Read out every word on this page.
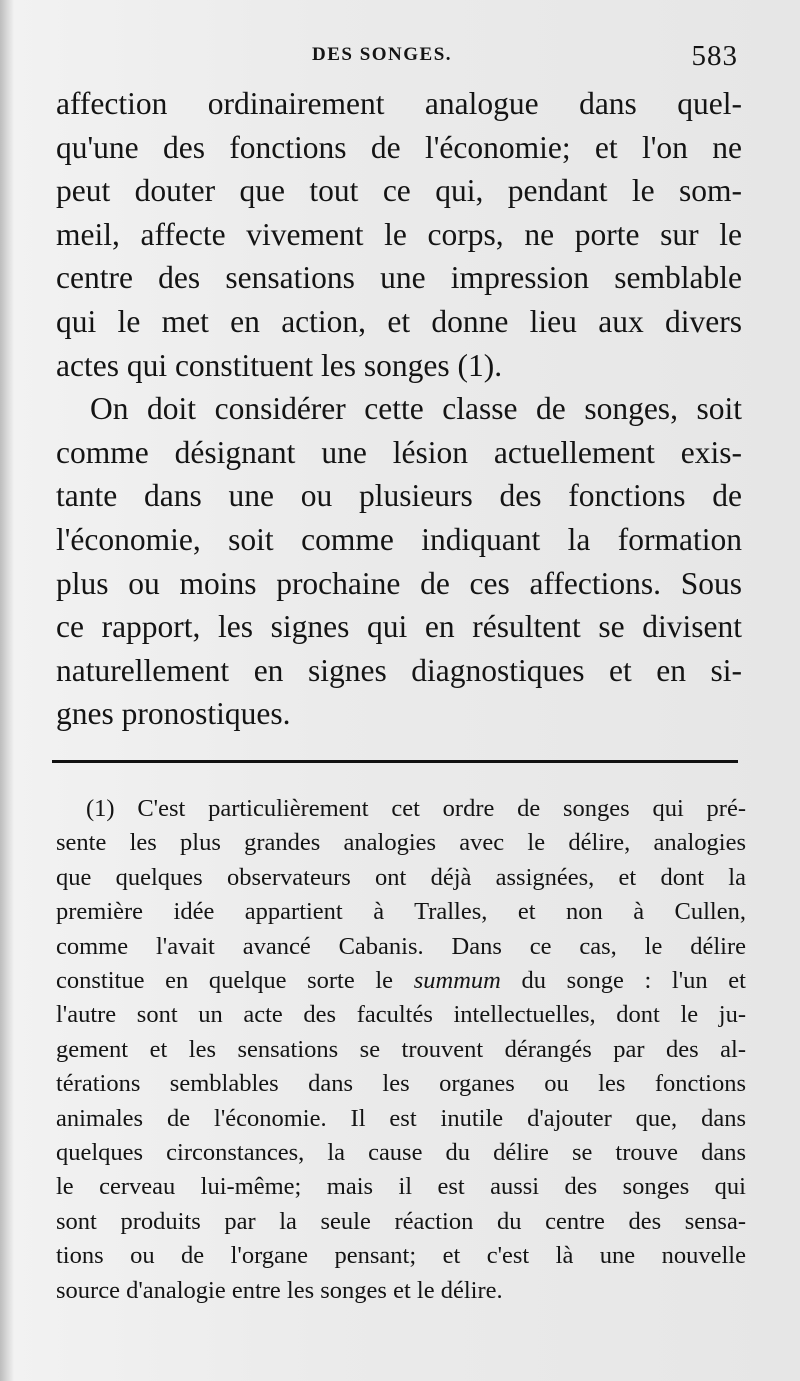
DES SONGES.	583
affection ordinairement analogue dans quel-
qu'une des fonctions de l'économie; et l'on ne
peut douter que tout ce qui, pendant le som-
meil, affecte vivement le corps, ne porte sur le
centre des sensations une impression semblable
qui le met en action, et donne lieu aux divers
actes qui constituent les songes (1).
On doit considérer cette classe de songes, soit
comme désignant une lésion actuellement exis-
tante dans une ou plusieurs des fonctions de
l'économie, soit comme indiquant la formation
plus ou moins prochaine de ces affections. Sous
ce rapport, les signes qui en résultent se divisent
naturellement en signes diagnostiques et en si-
gnes pronostiques.
(1) C'est particulièrement cet ordre de songes qui pré-
sente les plus grandes analogies avec le délire, analogies
que quelques observateurs ont déjà assignées, et dont la
première idée appartient à Tralles, et non à Cullen,
comme l'avait avancé Cabanis. Dans ce cas, le délire
constitue en quelque sorte le summum du songe : l'un et
l'autre sont un acte des facultés intellectuelles, dont le ju-
gement et les sensations se trouvent dérangés par des al-
térations semblables dans les organes ou les fonctions
animales de l'économie. Il est inutile d'ajouter que, dans
quelques circonstances, la cause du délire se trouve dans
le cerveau lui-même; mais il est aussi des songes qui
sont produits par la seule réaction du centre des sensa-
tions ou de l'organe pensant; et c'est là une nouvelle
source d'analogie entre les songes et le délire.
